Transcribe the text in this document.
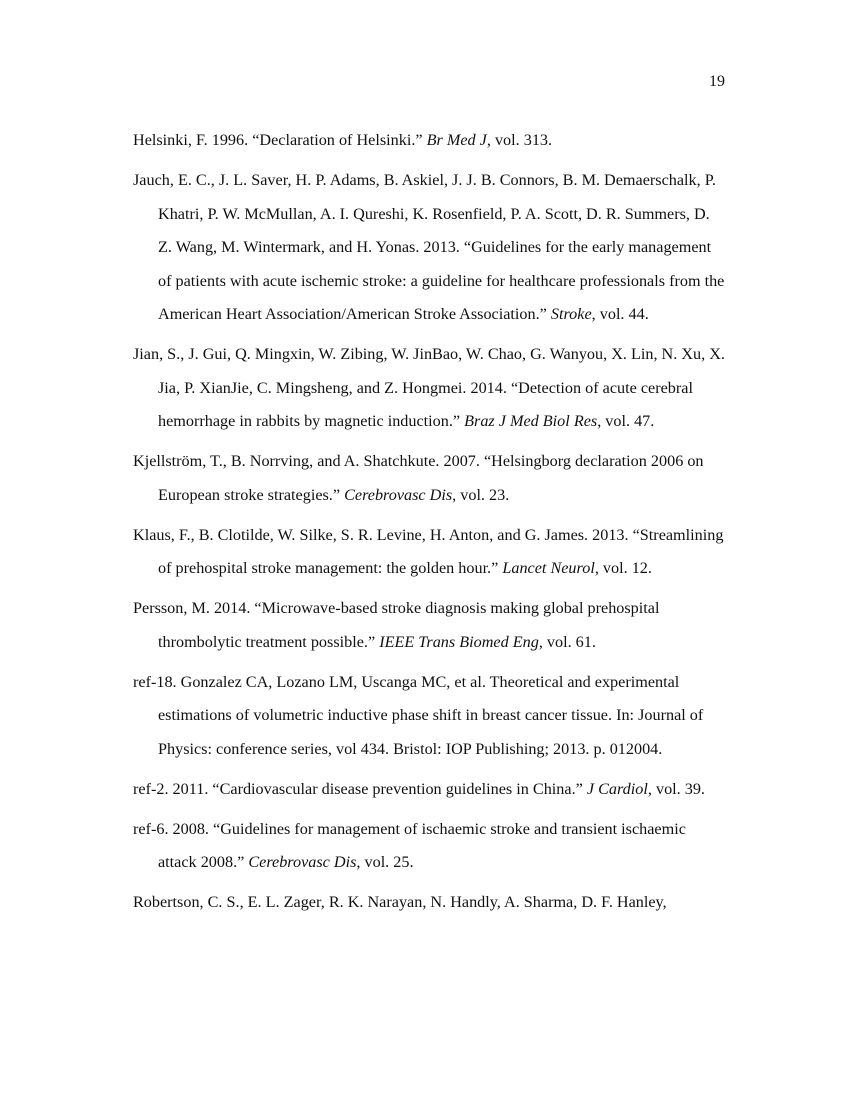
19
Helsinki, F. 1996. “Declaration of Helsinki.” Br Med J, vol. 313.
Jauch, E. C., J. L. Saver, H. P. Adams, B. Askiel, J. J. B. Connors, B. M. Demaerschalk, P. Khatri, P. W. McMullan, A. I. Qureshi, K. Rosenfield, P. A. Scott, D. R. Summers, D. Z. Wang, M. Wintermark, and H. Yonas. 2013. “Guidelines for the early management of patients with acute ischemic stroke: a guideline for healthcare professionals from the American Heart Association/American Stroke Association.” Stroke, vol. 44.
Jian, S., J. Gui, Q. Mingxin, W. Zibing, W. JinBao, W. Chao, G. Wanyou, X. Lin, N. Xu, X. Jia, P. XianJie, C. Mingsheng, and Z. Hongmei. 2014. “Detection of acute cerebral hemorrhage in rabbits by magnetic induction.” Braz J Med Biol Res, vol. 47.
Kjellström, T., B. Norrving, and A. Shatchkute. 2007. “Helsingborg declaration 2006 on European stroke strategies.” Cerebrovasc Dis, vol. 23.
Klaus, F., B. Clotilde, W. Silke, S. R. Levine, H. Anton, and G. James. 2013. “Streamlining of prehospital stroke management: the golden hour.” Lancet Neurol, vol. 12.
Persson, M. 2014. “Microwave-based stroke diagnosis making global prehospital thrombolytic treatment possible.” IEEE Trans Biomed Eng, vol. 61.
ref-18. Gonzalez CA, Lozano LM, Uscanga MC, et al. Theoretical and experimental estimations of volumetric inductive phase shift in breast cancer tissue. In: Journal of Physics: conference series, vol 434. Bristol: IOP Publishing; 2013. p. 012004.
ref-2. 2011. “Cardiovascular disease prevention guidelines in China.” J Cardiol, vol. 39.
ref-6. 2008. “Guidelines for management of ischaemic stroke and transient ischaemic attack 2008.” Cerebrovasc Dis, vol. 25.
Robertson, C. S., E. L. Zager, R. K. Narayan, N. Handly, A. Sharma, D. F. Hanley,
